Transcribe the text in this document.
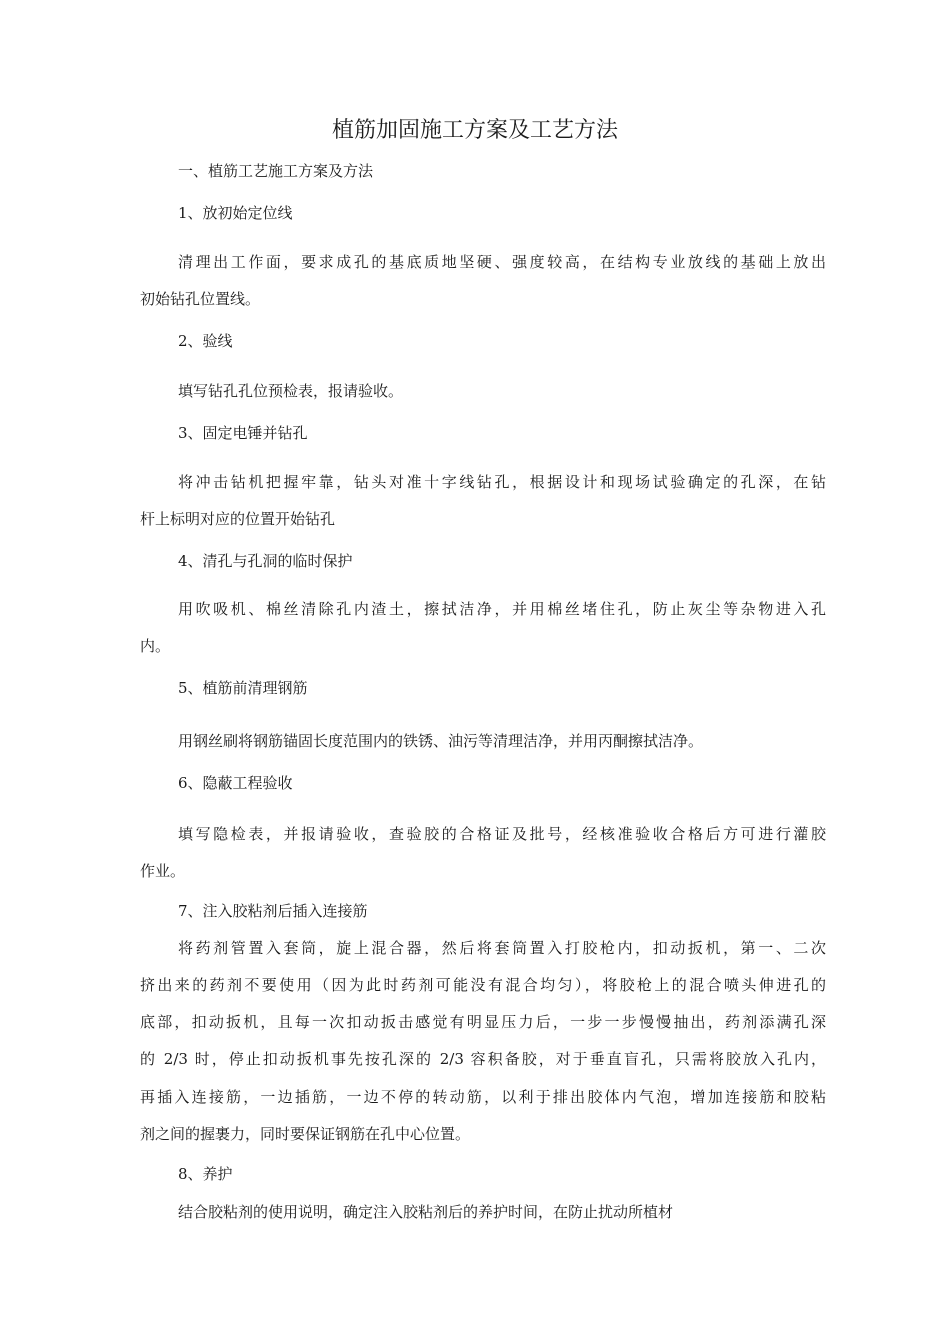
植筋加固施工方案及工艺方法
一、植筋工艺施工方案及方法
1、放初始定位线
清理出工作面，要求成孔的基底质地坚硬、强度较高，在结构专业放线的基础上放出
初始钻孔位置线。
2、验线
填写钻孔孔位预检表，报请验收。
3、固定电锤并钻孔
将冲击钻机把握牢靠，钻头对准十字线钻孔，根据设计和现场试验确定的孔深，在钻
杆上标明对应的位置开始钻孔
4、清孔与孔洞的临时保护
用吹吸机、棉丝清除孔内渣土，擦拭洁净，并用棉丝堵住孔，防止灰尘等杂物进入孔
内。
5、植筋前清理钢筋
用钢丝刷将钢筋锚固长度范围内的铁锈、油污等清理洁净，并用丙酮擦拭洁净。
6、隐蔽工程验收
填写隐检表，并报请验收，查验胶的合格证及批号，经核准验收合格后方可进行灌胶
作业。
7、注入胶粘剂后插入连接筋
将药剂管置入套筒，旋上混合器，然后将套筒置入打胶枪内，扣动扳机，第一、二次
挤出来的药剂不要使用（因为此时药剂可能没有混合均匀），将胶枪上的混合喷头伸进孔的
底部，扣动扳机，且每一次扣动扳击感觉有明显压力后，一步一步慢慢抽出，药剂添满孔深
的 2/3 时，停止扣动扳机事先按孔深的 2/3 容积备胶，对于垂直盲孔，只需将胶放入孔内，
再插入连接筋，一边插筋，一边不停的转动筋，以利于排出胶体内气泡，增加连接筋和胶粘
剂之间的握裹力，同时要保证钢筋在孔中心位置。
8、养护
结合胶粘剂的使用说明，确定注入胶粘剂后的养护时间，在防止扰动所植材
